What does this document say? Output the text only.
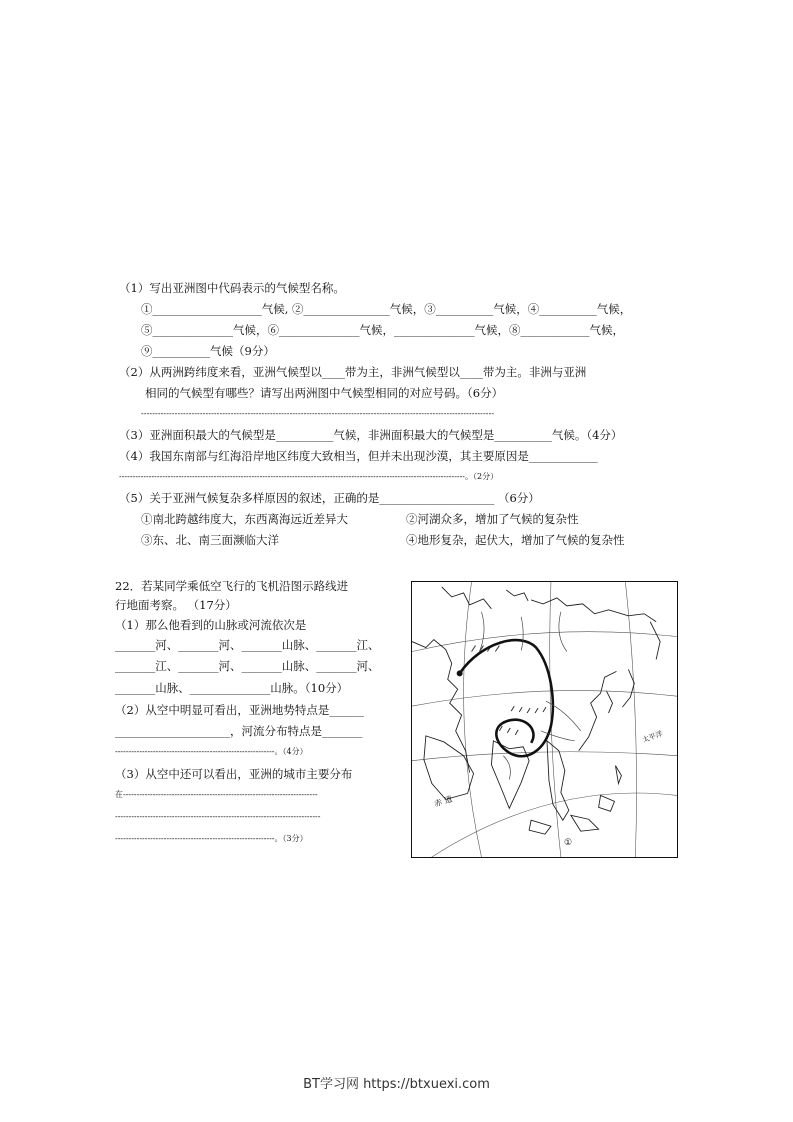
（1）写出亚洲图中代码表示的气候型名称。
①___________________气候, ②_______________气候，③__________气候，④__________气候，
⑤______________气候，⑥______________气候，______________气候，⑧____________气候，
⑨__________气候（9分）
（2）从两洲跨纬度来看，亚洲气候型以____带为主，非洲气候型以____带为主。非洲与亚洲
相同的气候型有哪些？请写出两洲图中气候型相同的对应号码。（6分）
------------------------------------------------------------------------------------------------------------------------------
（3）亚洲面积最大的气候型是__________气候，非洲面积最大的气候型是__________气候。（4分）
（4）我国东南部与红海沿岸地区纬度大致相当，但并未出现沙漠，其主要原因是____________
--------------------------------------------------------------------------------------------------------------------------------。（2分）
（5）关于亚洲气候复杂多样原因的叙述，正确的是____________________ （6分）
①南北跨越纬度大，东西离海远近差异大	②河湖众多，增加了气候的复杂性
③东、北、南三面濒临大洋	④地形复杂，起伏大，增加了气候的复杂性
22．若某同学乘低空飞行的飞机沿图示路线进
行地面考察。 （17分）
（1）那么他看到的山脉或河流依次是
_______河、_______河、_______山脉、_______江、
_______江、_______河、_______山脉、_______河、
_______山脉、______________山脉。（10分）
（2）从空中明显可看出，亚洲地势特点是______
____________________，河流分布特点是_______
-----------------------------------------------------------。（4分）
（3）从空中还可以看出，亚洲的城市主要分布
在------------------------------------------------------------------------
----------------------------------------------------------------------------
-----------------------------------------------------------。（3分）
赤 道
太平洋
①
BT学习网 https://btxuexi.com
